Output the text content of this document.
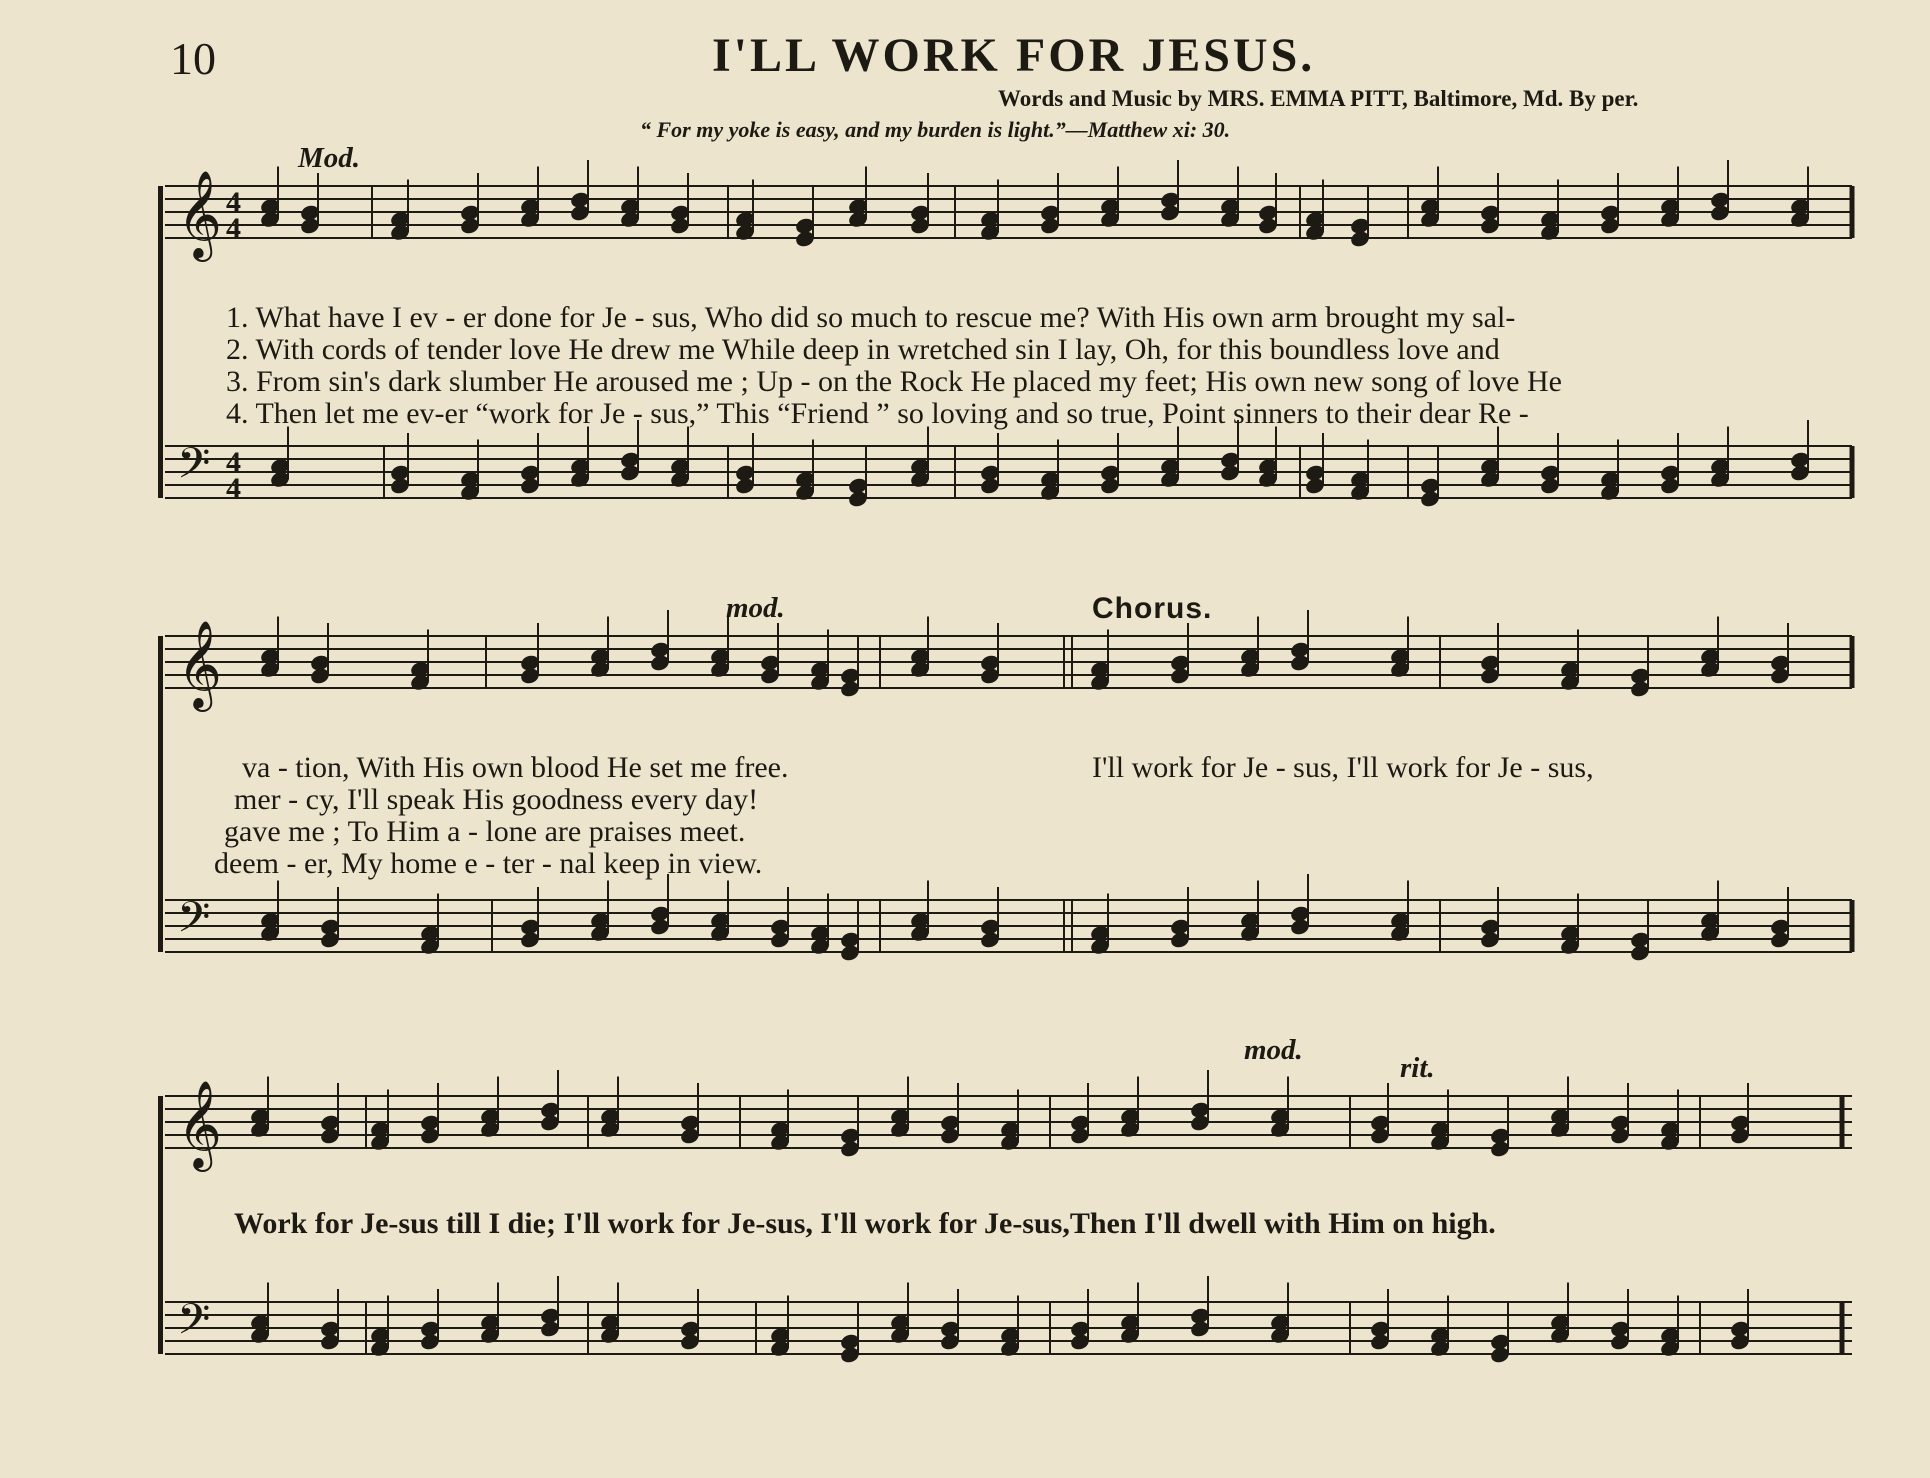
10	I'LL WORK FOR JESUS.
Words and Music by MRS. EMMA PITT, Baltimore, Md. By per.
“ For my yoke is easy, and my burden is light.”—Matthew xi: 30.
Mod.
mod.
mod.
rit.
Chorus.
1. What have I ev - er done for Je - sus, Who did so much to rescue me? With His own arm brought my sal-
2. With cords of tender love He drew me While deep in wretched sin I lay, Oh, for this boundless love and
3. From sin's dark slumber He aroused me ; Up - on the Rock He placed my feet; His own new song of love He
4. Then let me ev-er “work for Je - sus,” This “Friend ” so loving and so true, Point sinners to their dear Re -
va - tion, With His own blood He set me free.
mer - cy, I'll speak His goodness every day!
gave me ; To Him a - lone are praises meet.
deem - er, My home e - ter - nal keep in view.
I'll work for Je - sus, I'll work for Je - sus,
Work for Je-sus till I die; I'll work for Je-sus, I'll work for Je-sus,Then I'll dwell with Him on high.
𝄞
𝄢
𝄞
𝄢
𝄞
𝄢
4
4
4
4
